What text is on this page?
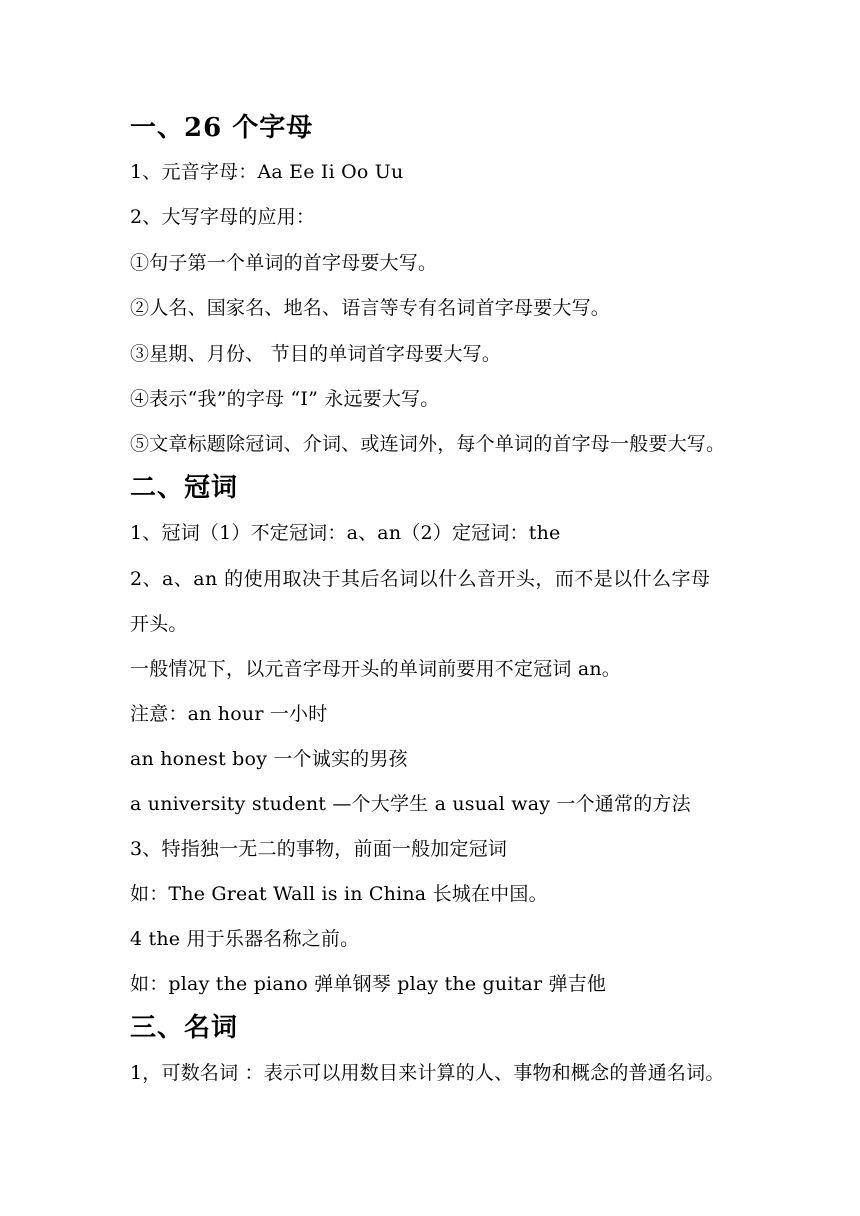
一、26 个字母
1、元音字母：Aa Ee Ii Oo Uu
2、大写字母的应用：
①句子第一个单词的首字母要大写。
②人名、国家名、地名、语言等专有名词首字母要大写。
③星期、月份、 节目的单词首字母要大写。
④表示“我”的字母 “I” 永远要大写。
⑤文章标题除冠词、介词、或连词外，每个单词的首字母一般要大写。
二、冠词
1、冠词（1）不定冠词：a、an（2）定冠词：the
2、a、an 的使用取决于其后名词以什么音开头，而不是以什么字母
开头。
一般情况下，以元音字母开头的单词前要用不定冠词 an。
注意：an hour 一小时
an honest boy 一个诚实的男孩
a university student —个大学生 a usual way 一个通常的方法
3、特指独一无二的事物，前面一般加定冠词
如：The Great Wall is in China 长城在中国。
4 the 用于乐器名称之前。
如：play the piano 弹单钢琴 play the guitar 弹吉他
三、名词
1，可数名词 ：表示可以用数目来计算的人、事物和概念的普通名词。
